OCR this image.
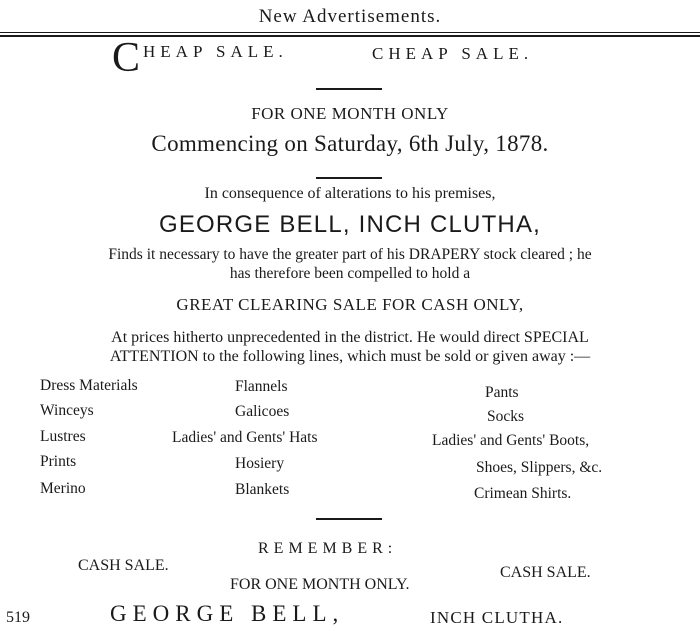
New Advertisements.
C HEAP SALE.	CHEAP SALE.
FOR ONE MONTH ONLY
Commencing on Saturday, 6th July, 1878.
In consequence of alterations to his premises,
GEORGE BELL, INCH CLUTHA,
Finds it necessary to have the greater part of his DRAPERY stock cleared ; he
has therefore been compelled to hold a
GREAT CLEARING SALE FOR CASH ONLY,
At prices hitherto unprecedented in the district. He would direct SPECIAL
ATTENTION to the following lines, which must be sold or given away :—
Dress Materials
Winceys
Lustres
Prints
Merino
Flannels
Galicoes
Ladies' and Gents' Hats
Hosiery
Blankets
Pants
Socks
Ladies' and Gents' Boots,
Shoes, Slippers, &c.
Crimean Shirts.
REMEMBER:
CASH SALE.	CASH SALE.
FOR ONE MONTH ONLY.
519	GEORGE BELL,	INCH CLUTHA.
